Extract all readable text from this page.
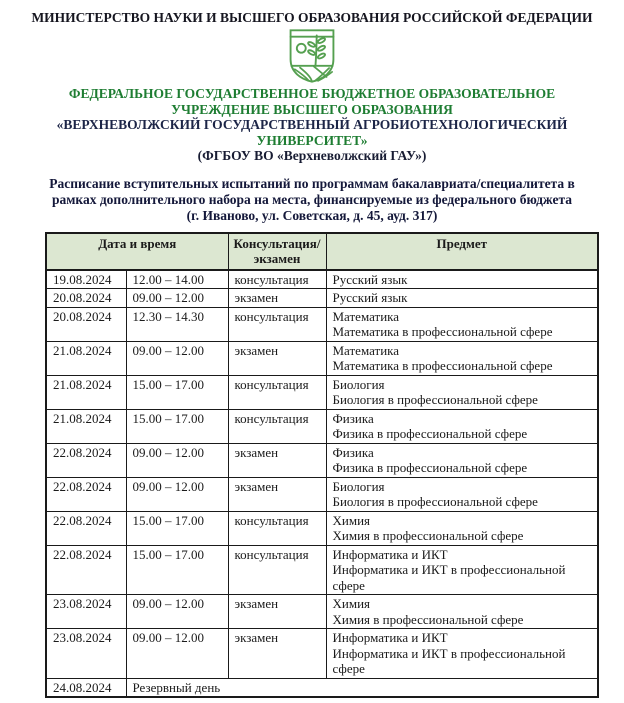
МИНИСТЕРСТВО НАУКИ И ВЫСШЕГО ОБРАЗОВАНИЯ РОССИЙСКОЙ ФЕДЕРАЦИИ
ФЕДЕРАЛЬНОЕ ГОСУДАРСТВЕННОЕ БЮДЖЕТНОЕ ОБРАЗОВАТЕЛЬНОЕ
УЧРЕЖДЕНИЕ ВЫСШЕГО ОБРАЗОВАНИЯ
«ВЕРХНЕВОЛЖСКИЙ ГОСУДАРСТВЕННЫЙ АГРОБИОТЕХНОЛОГИЧЕСКИЙ
УНИВЕРСИТЕТ»
(ФГБОУ ВО «Верхневолжский ГАУ»)
Расписание вступительных испытаний по программам бакалавриата/специалитета в рамках дополнительного набора на места, финансируемые из федерального бюджета
(г. Иваново, ул. Советская, д. 45, ауд. 317)
Дата и время		Консультация/экзамен	Предмет
19.08.2024	12.00 – 14.00	консультация	Русский язык

20.08.2024	09.00 – 12.00	экзамен	Русский язык

20.08.2024	12.30 – 14.30	консультация	Математика
Математика в профессиональной сфере

21.08.2024	09.00 – 12.00	экзамен	Математика
Математика в профессиональной сфере

21.08.2024	15.00 – 17.00	консультация	Биология
Биология в профессиональной сфере

21.08.2024	15.00 – 17.00	консультация	Физика
Физика в профессиональной сфере

22.08.2024	09.00 – 12.00	экзамен	Физика
Физика в профессиональной сфере

22.08.2024	09.00 – 12.00	экзамен	Биология
Биология в профессиональной сфере

22.08.2024	15.00 – 17.00	консультация	Химия
Химия в профессиональной сфере

22.08.2024	15.00 – 17.00	консультация	Информатика и ИКТ
Информатика и ИКТ в профессиональной сфере

23.08.2024	09.00 – 12.00	экзамен	Химия
Химия в профессиональной сфере

23.08.2024	09.00 – 12.00	экзамен	Информатика и ИКТ
Информатика и ИКТ в профессиональной сфере

24.08.2024	Резервный день		
